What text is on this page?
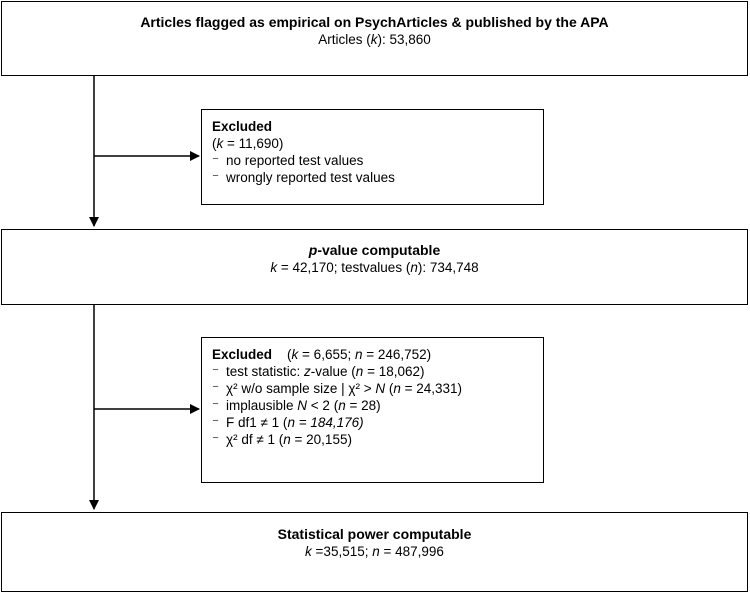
Articles flagged as empirical on PsychArticles & published by the APA
Articles (k): 53,860
Excluded
(k = 11,690)
⁻ no reported test values
⁻ wrongly reported test values
p-value computable
k = 42,170; testvalues (n): 734,748
Excluded (k = 6,655; n = 246,752)
⁻ test statistic: z-value (n = 18,062)
⁻ χ² w/o sample size | χ² > N (n = 24,331)
⁻ implausible N < 2 (n = 28)
⁻ F df1 ≠ 1 (n = 184,176)
⁻ χ² df ≠ 1 (n = 20,155)
Statistical power computable
k =35,515; n = 487,996
